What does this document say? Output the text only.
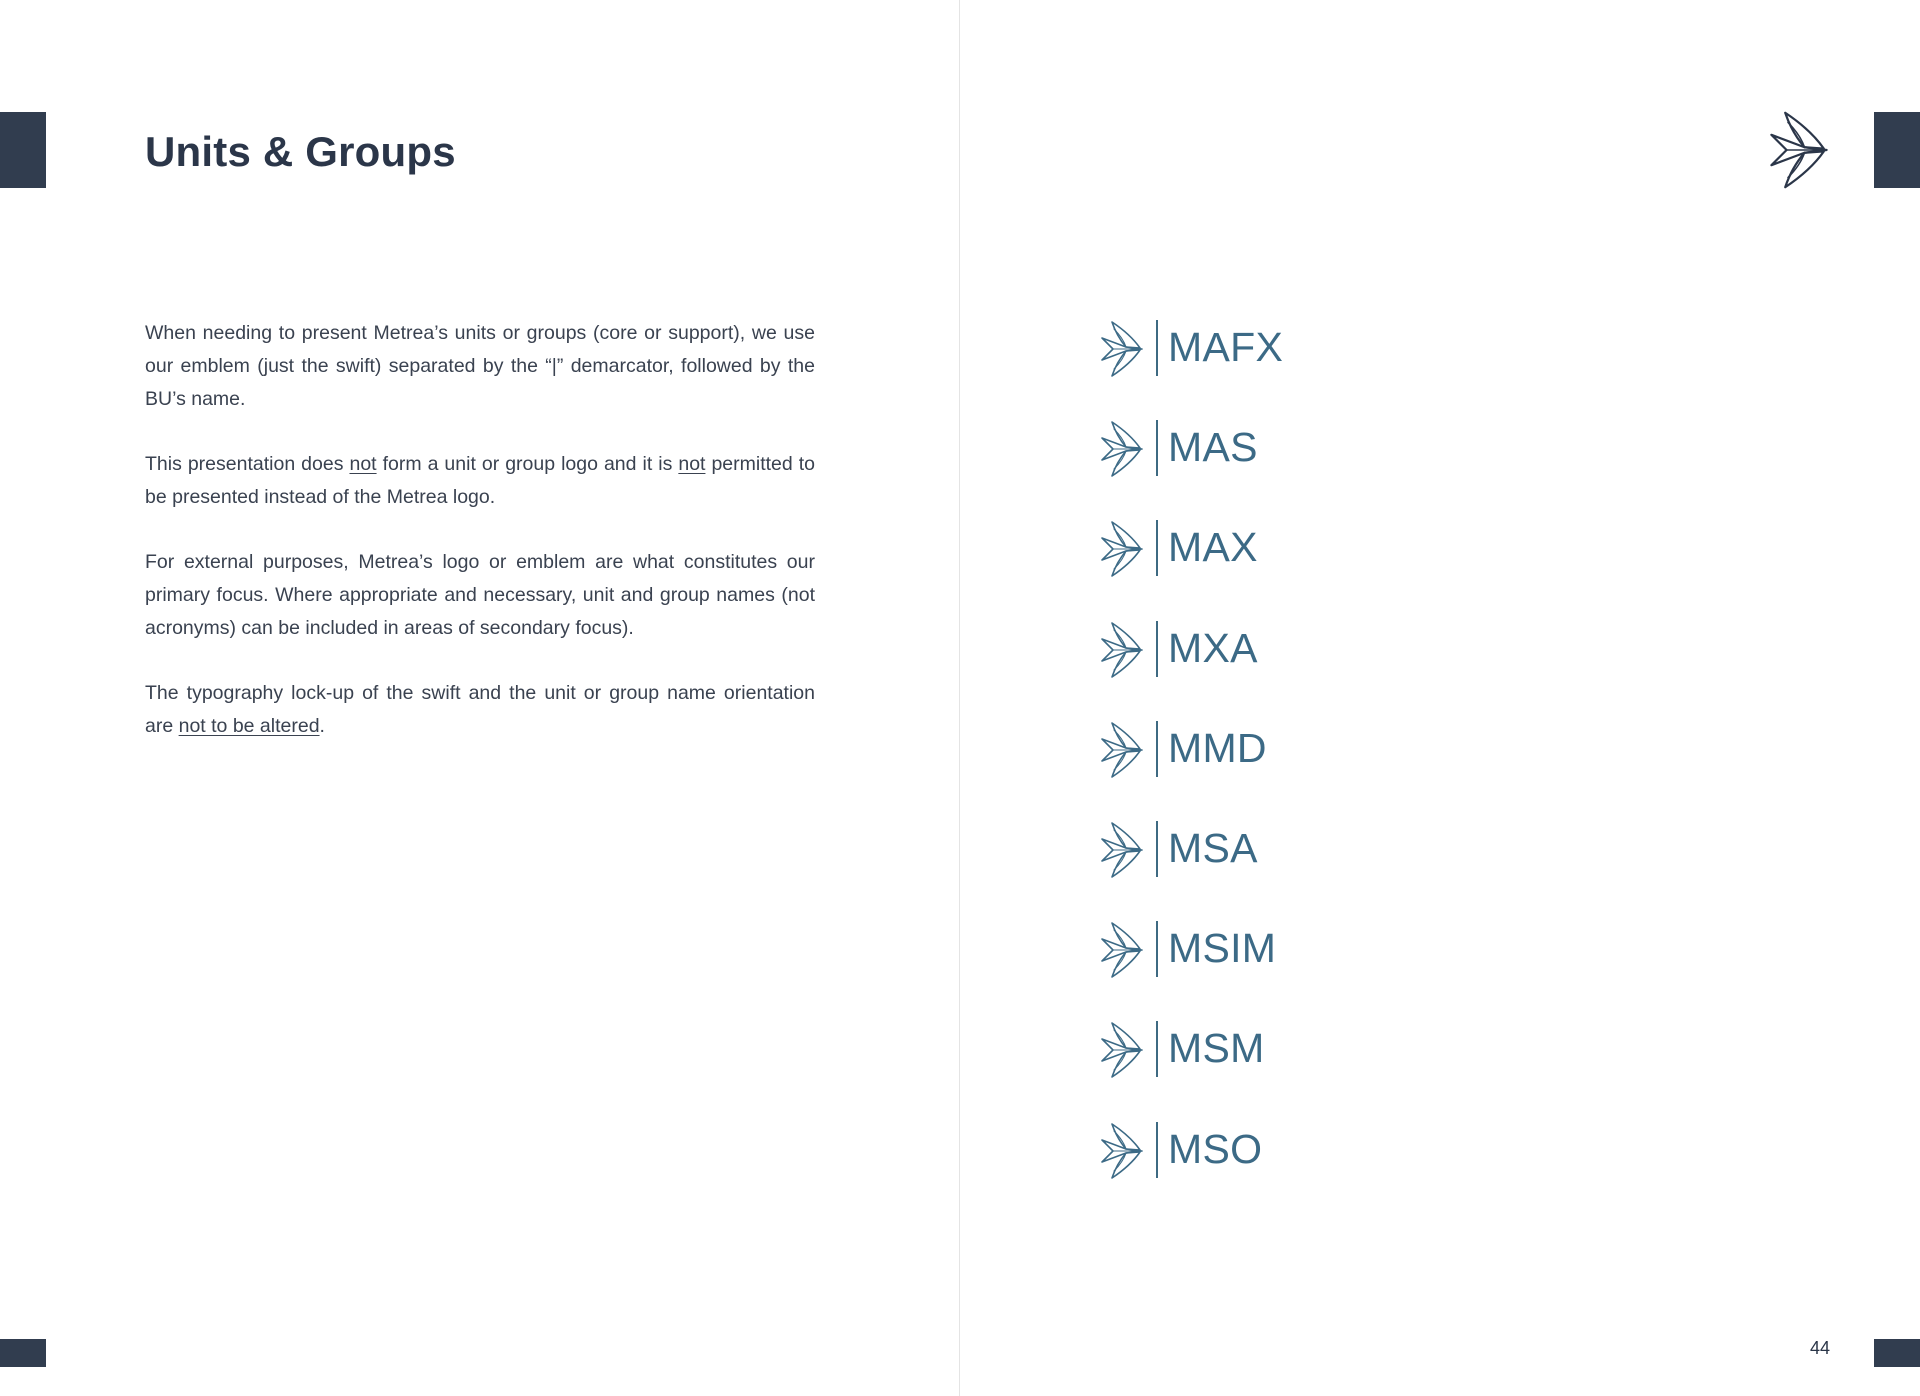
Units & Groups

When needing to present Metrea’s units or groups (core or support), we use our emblem (just the swift) separated by the “|” demarcator, followed by the BU’s name.

This presentation does not form a unit or group logo and it is not permitted to be presented instead of the Metrea logo.

For external purposes, Metrea’s logo or emblem are what constitutes our primary focus. Where appropriate and necessary, unit and group names (not acronyms) can be included in areas of secondary focus).

The typography lock-up of the swift and the unit or group name orientation are not to be altered.

MAFX
MAS
MAX
MXA
MMD
MSA
MSIM
MSM
MSO
44
